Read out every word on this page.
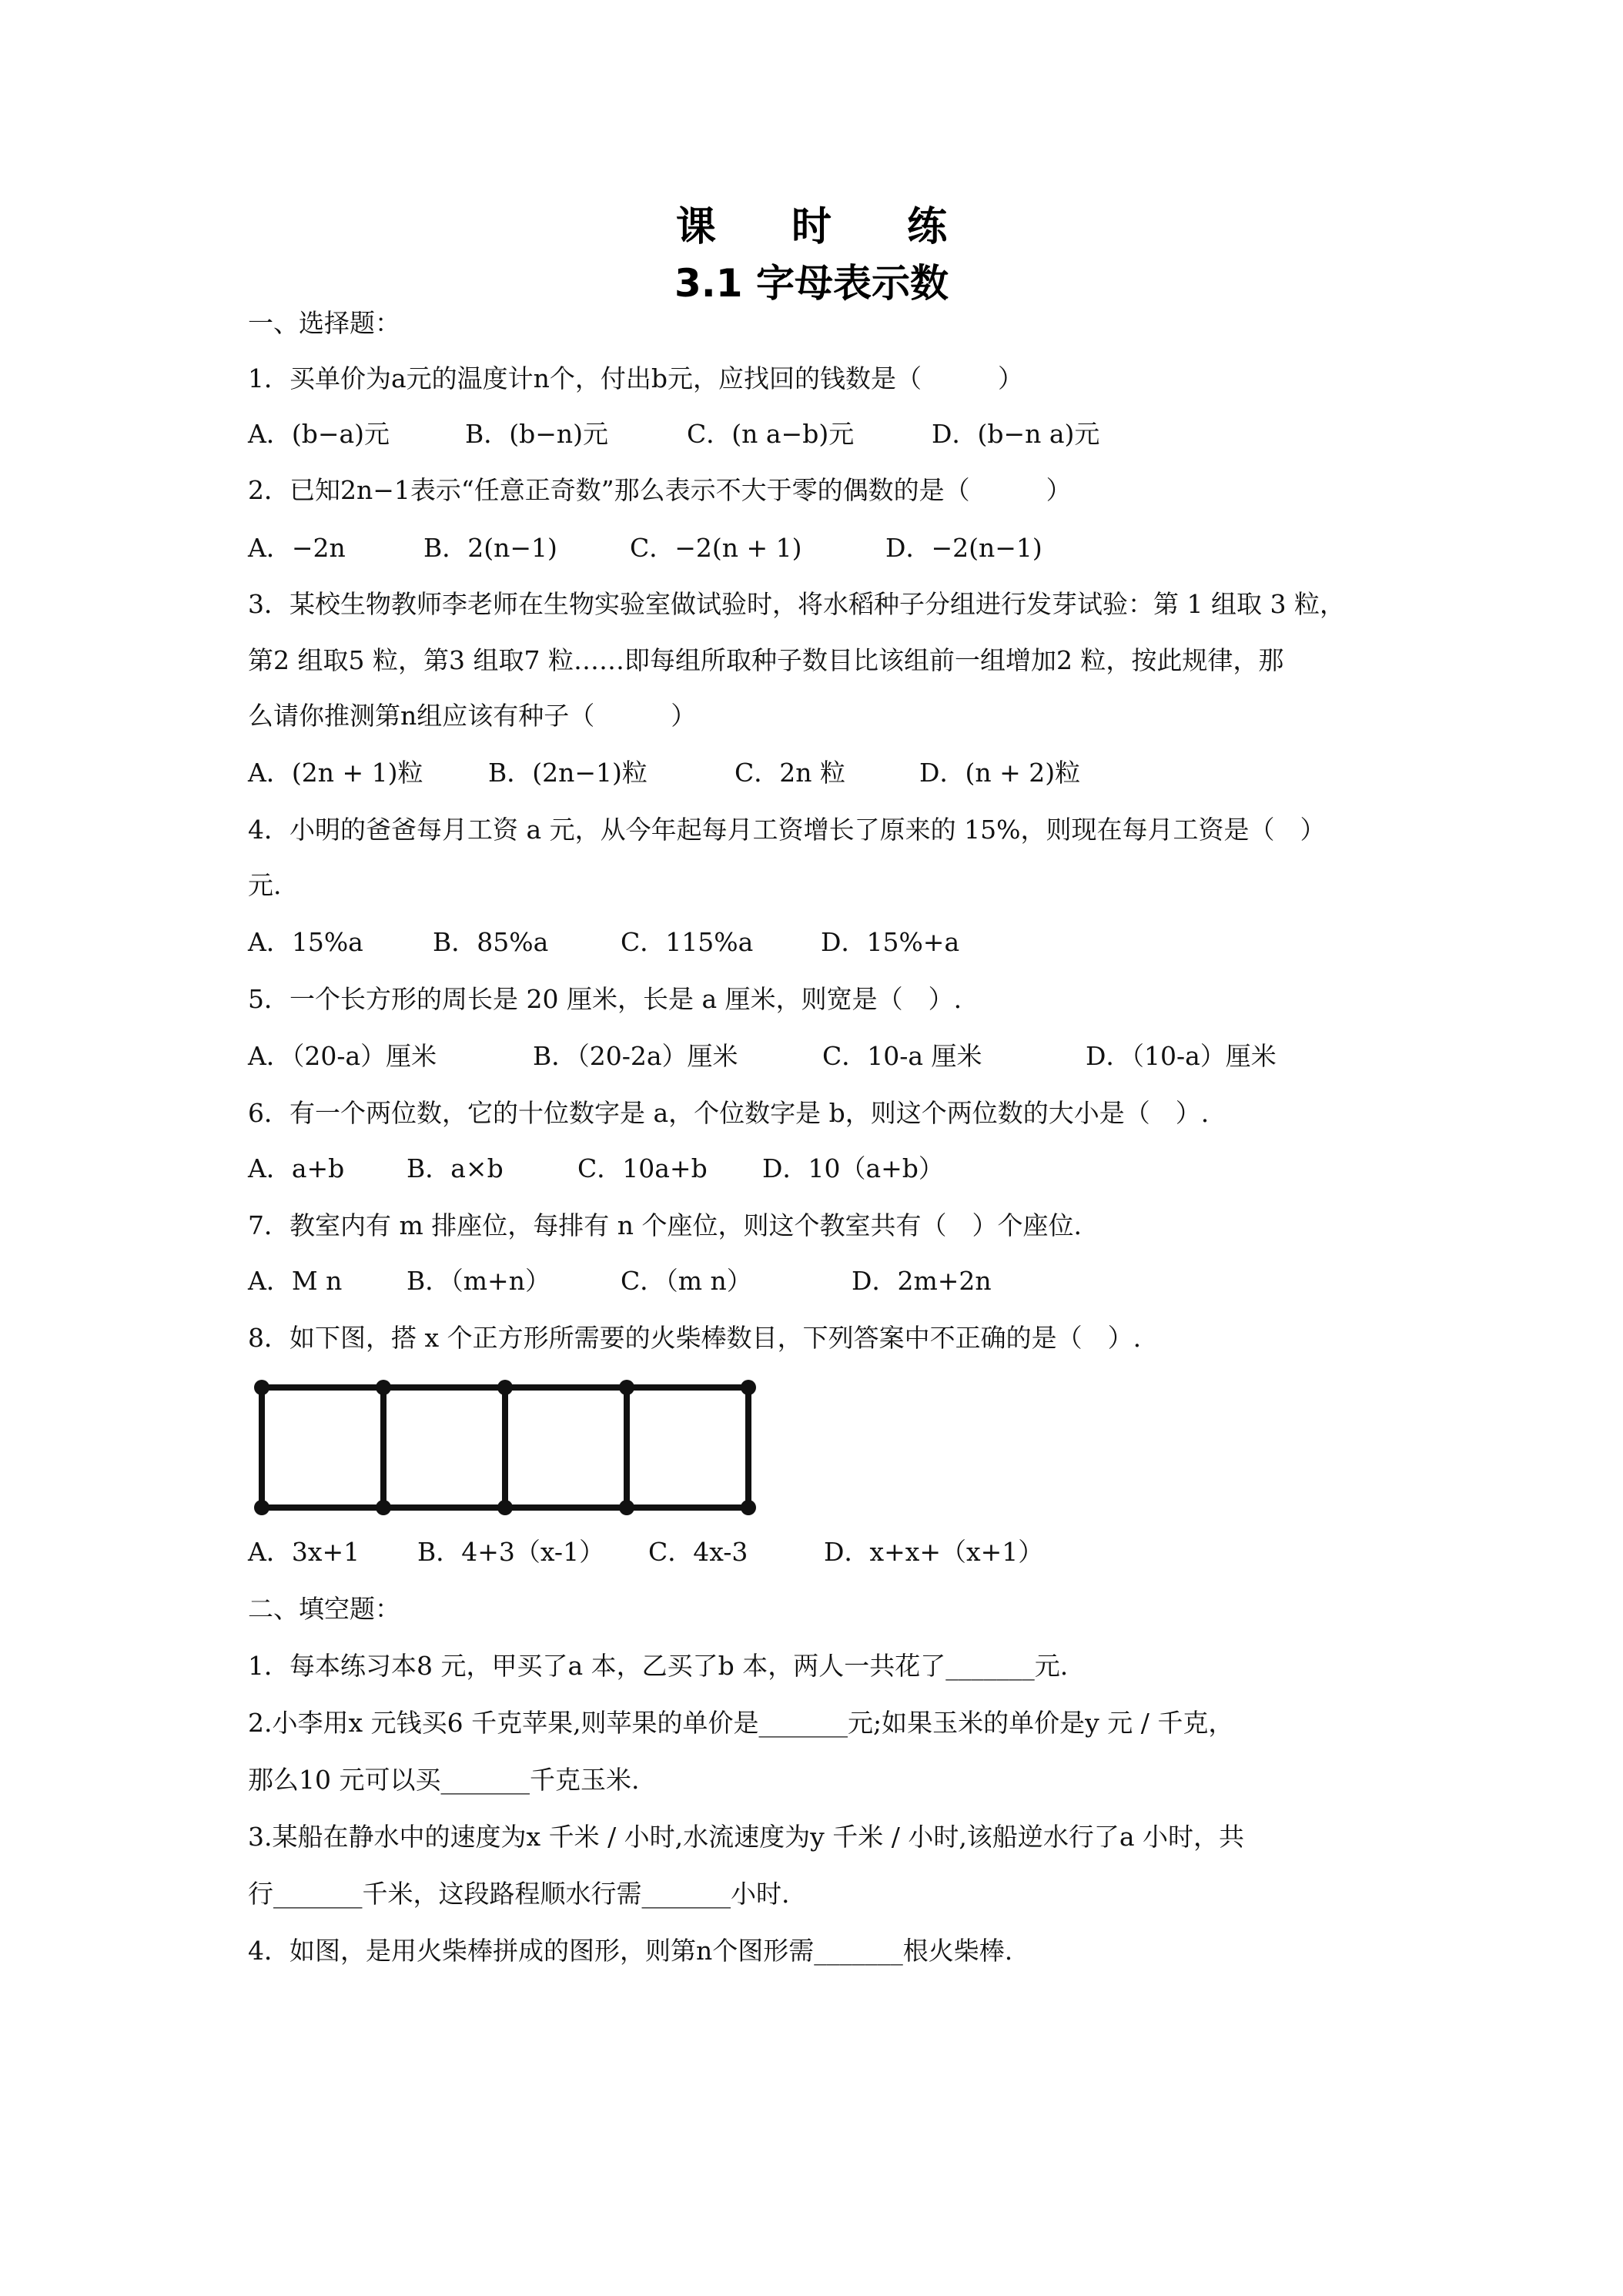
课 时 练
3.1 字母表示数
一、选择题：
1．买单价为a元的温度计n个，付出b元，应找回的钱数是（　　　）
A．(b−a)元	B．(b−n)元	C．(n a−b)元	D．(b−n a)元
2．已知2n−1表示“任意正奇数”那么表示不大于零的偶数的是（　　　）
A．−2n	B．2(n−1)	C．−2(n + 1)	D．−2(n−1)
3．某校生物教师李老师在生物实验室做试验时，将水稻种子分组进行发芽试验：第 1 组取 3 粒，
第2 组取5 粒，第3 组取7 粒……即每组所取种子数目比该组前一组增加2 粒，按此规律，那
么请你推测第n组应该有种子（　　　）
A．(2n + 1)粒	B．(2n−1)粒	C．2n 粒	D．(n + 2)粒
4．小明的爸爸每月工资 a 元，从今年起每月工资增长了原来的 15%，则现在每月工资是（　）
元.
A．15%a	B．85%a	C．115%a	D．15%+a
5．一个长方形的周长是 20 厘米，长是 a 厘米，则宽是（　）.
A．（20-a）厘米	B．（20-2a）厘米	C．10-a 厘米	D．（10-a）厘米
6．有一个两位数，它的十位数字是 a，个位数字是 b，则这个两位数的大小是（　）.
A．a+b B．a×b	C．10a+b D．10（a+b）
7．教室内有 m 排座位，每排有 n 个座位，则这个教室共有（　）个座位.
A．M n	B．（m+n）	C．（m n）	D．2m+2n
8．如下图，搭 x 个正方形所需要的火柴棒数目，下列答案中不正确的是（　）.
A．3x+1 B．4+3（x-1） C．4x-3	D．x+x+（x+1）
二、填空题：
1．每本练习本8 元，甲买了a 本，乙买了b 本，两人一共花了_______元.
2.小李用x 元钱买6 千克苹果,则苹果的单价是_______元;如果玉米的单价是y 元 / 千克，
那么10 元可以买_______千克玉米.
3.某船在静水中的速度为x 千米 / 小时,水流速度为y 千米 / 小时,该船逆水行了a 小时，共
行_______千米，这段路程顺水行需_______小时.
4．如图，是用火柴棒拼成的图形，则第n个图形需_______根火柴棒.
